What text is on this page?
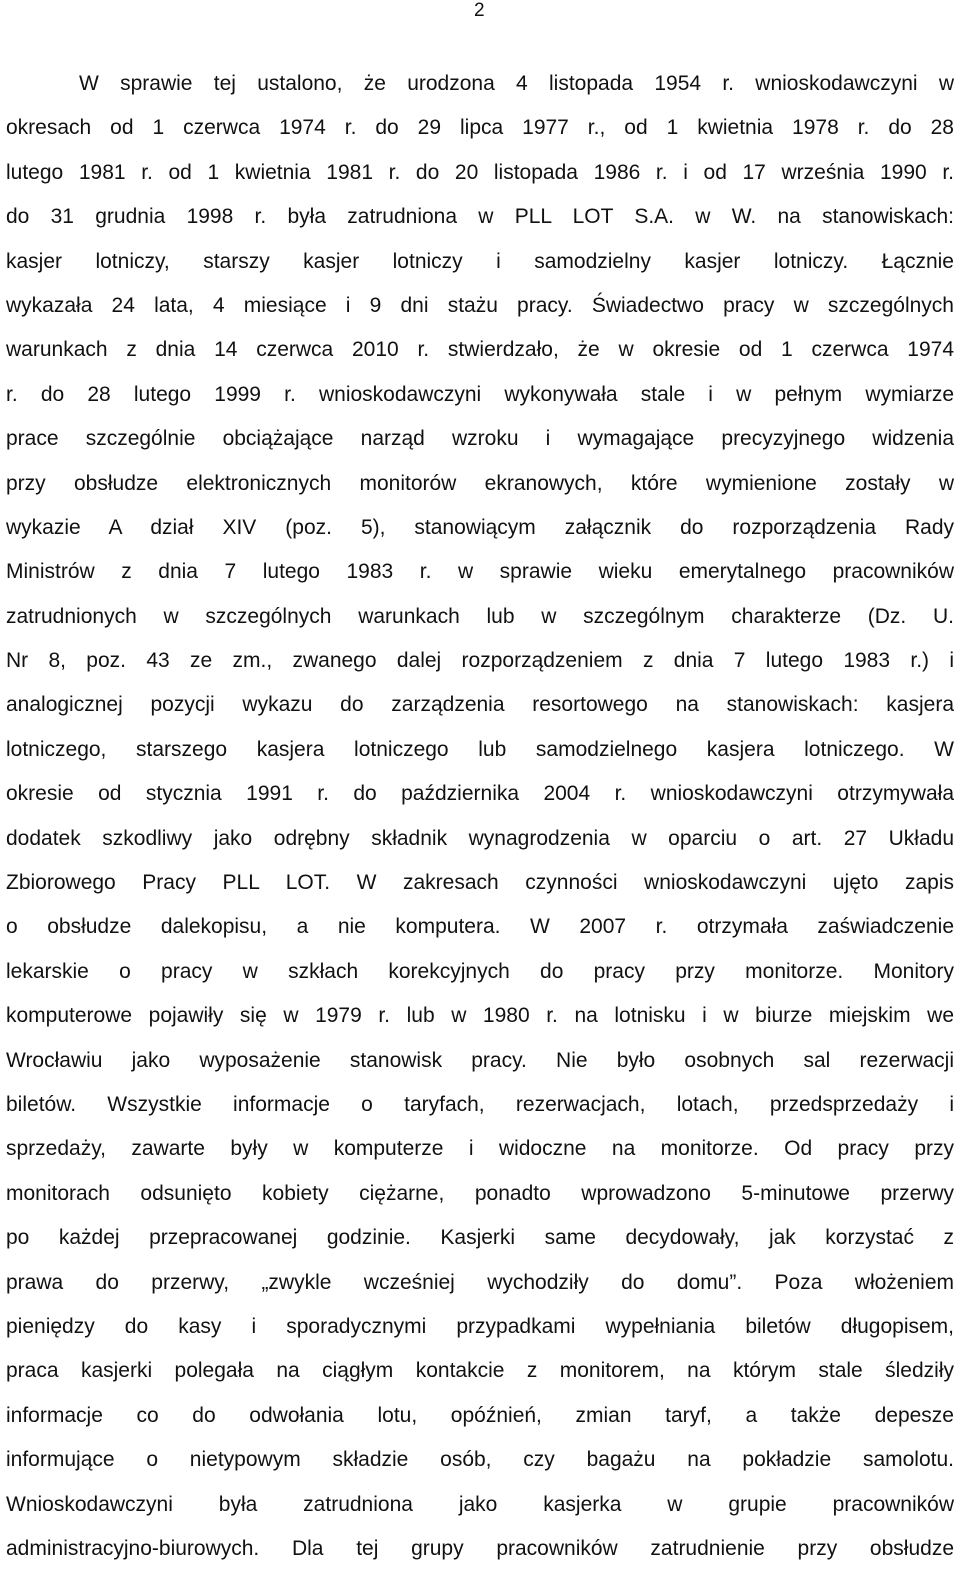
2
W sprawie tej ustalono, że urodzona 4 listopada 1954 r. wnioskodawczyni w
okresach od 1 czerwca 1974 r. do 29 lipca 1977 r., od 1 kwietnia 1978 r. do 28
lutego 1981 r. od 1 kwietnia 1981 r. do 20 listopada 1986 r. i od 17 września 1990 r.
do 31 grudnia 1998 r. była zatrudniona w PLL LOT S.A. w W. na stanowiskach:
kasjer lotniczy, starszy kasjer lotniczy i samodzielny kasjer lotniczy. Łącznie
wykazała 24 lata, 4 miesiące i 9 dni stażu pracy. Świadectwo pracy w szczególnych
warunkach z dnia 14 czerwca 2010 r. stwierdzało, że w okresie od 1 czerwca 1974
r. do 28 lutego 1999 r. wnioskodawczyni wykonywała stale i w pełnym wymiarze
prace szczególnie obciążające narząd wzroku i wymagające precyzyjnego widzenia
przy obsłudze elektronicznych monitorów ekranowych, które wymienione zostały w
wykazie A dział XIV (poz. 5), stanowiącym załącznik do rozporządzenia Rady
Ministrów z dnia 7 lutego 1983 r. w sprawie wieku emerytalnego pracowników
zatrudnionych w szczególnych warunkach lub w szczególnym charakterze (Dz. U.
Nr 8, poz. 43 ze zm., zwanego dalej rozporządzeniem z dnia 7 lutego 1983 r.) i
analogicznej pozycji wykazu do zarządzenia resortowego na stanowiskach: kasjera
lotniczego, starszego kasjera lotniczego lub samodzielnego kasjera lotniczego. W
okresie od stycznia 1991 r. do października 2004 r. wnioskodawczyni otrzymywała
dodatek szkodliwy jako odrębny składnik wynagrodzenia w oparciu o art. 27 Układu
Zbiorowego Pracy PLL LOT. W zakresach czynności wnioskodawczyni ujęto zapis
o obsłudze dalekopisu, a nie komputera. W 2007 r. otrzymała zaświadczenie
lekarskie o pracy w szkłach korekcyjnych do pracy przy monitorze. Monitory
komputerowe pojawiły się w 1979 r. lub w 1980 r. na lotnisku i w biurze miejskim we
Wrocławiu jako wyposażenie stanowisk pracy. Nie było osobnych sal rezerwacji
biletów. Wszystkie informacje o taryfach, rezerwacjach, lotach, przedsprzedaży i
sprzedaży, zawarte były w komputerze i widoczne na monitorze. Od pracy przy
monitorach odsunięto kobiety ciężarne, ponadto wprowadzono 5-minutowe przerwy
po każdej przepracowanej godzinie. Kasjerki same decydowały, jak korzystać z
prawa do przerwy, „zwykle wcześniej wychodziły do domu”. Poza włożeniem
pieniędzy do kasy i sporadycznymi przypadkami wypełniania biletów długopisem,
praca kasjerki polegała na ciągłym kontakcie z monitorem, na którym stale śledziły
informacje co do odwołania lotu, opóźnień, zmian taryf, a także depesze
informujące o nietypowym składzie osób, czy bagażu na pokładzie samolotu.
Wnioskodawczyni była zatrudniona jako kasjerka w grupie pracowników
administracyjno-biurowych. Dla tej grupy pracowników zatrudnienie przy obsłudze
